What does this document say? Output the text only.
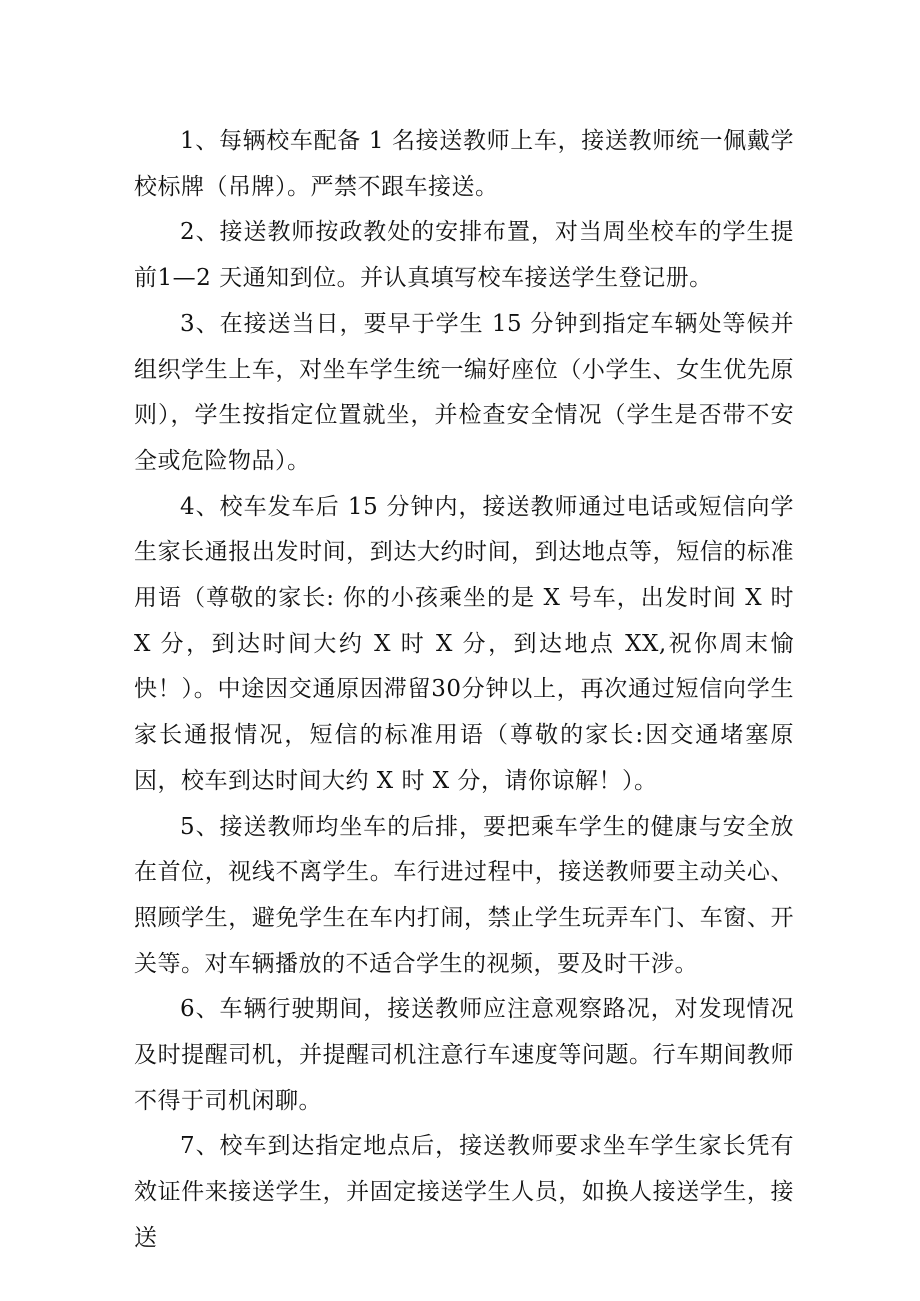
1、每辆校车配备 1 名接送教师上车，接送教师统一佩戴学校标牌（吊牌）。严禁不跟车接送。

2、接送教师按政教处的安排布置，对当周坐校车的学生提前1—2 天通知到位。并认真填写校车接送学生登记册。

3、在接送当日，要早于学生 15 分钟到指定车辆处等候并组织学生上车，对坐车学生统一编好座位（小学生、女生优先原则），学生按指定位置就坐，并检查安全情况（学生是否带不安全或危险物品）。

4、校车发车后 15 分钟内，接送教师通过电话或短信向学生家长通报出发时间，到达大约时间，到达地点等，短信的标准用语（尊敬的家长: 你的小孩乘坐的是 X 号车，出发时间 X 时 X 分，到达时间大约 X 时 X 分，到达地点 XX,祝你周末愉快！）。中途因交通原因滞留30分钟以上，再次通过短信向学生家长通报情况，短信的标准用语（尊敬的家长:因交通堵塞原因，校车到达时间大约 X 时 X 分，请你谅解！）。

5、接送教师均坐车的后排，要把乘车学生的健康与安全放在首位，视线不离学生。车行进过程中，接送教师要主动关心、照顾学生，避免学生在车内打闹，禁止学生玩弄车门、车窗、开关等。对车辆播放的不适合学生的视频，要及时干涉。

6、车辆行驶期间，接送教师应注意观察路况，对发现情况及时提醒司机，并提醒司机注意行车速度等问题。行车期间教师不得于司机闲聊。

7、校车到达指定地点后，接送教师要求坐车学生家长凭有效证件来接送学生，并固定接送学生人员，如换人接送学生，接送
